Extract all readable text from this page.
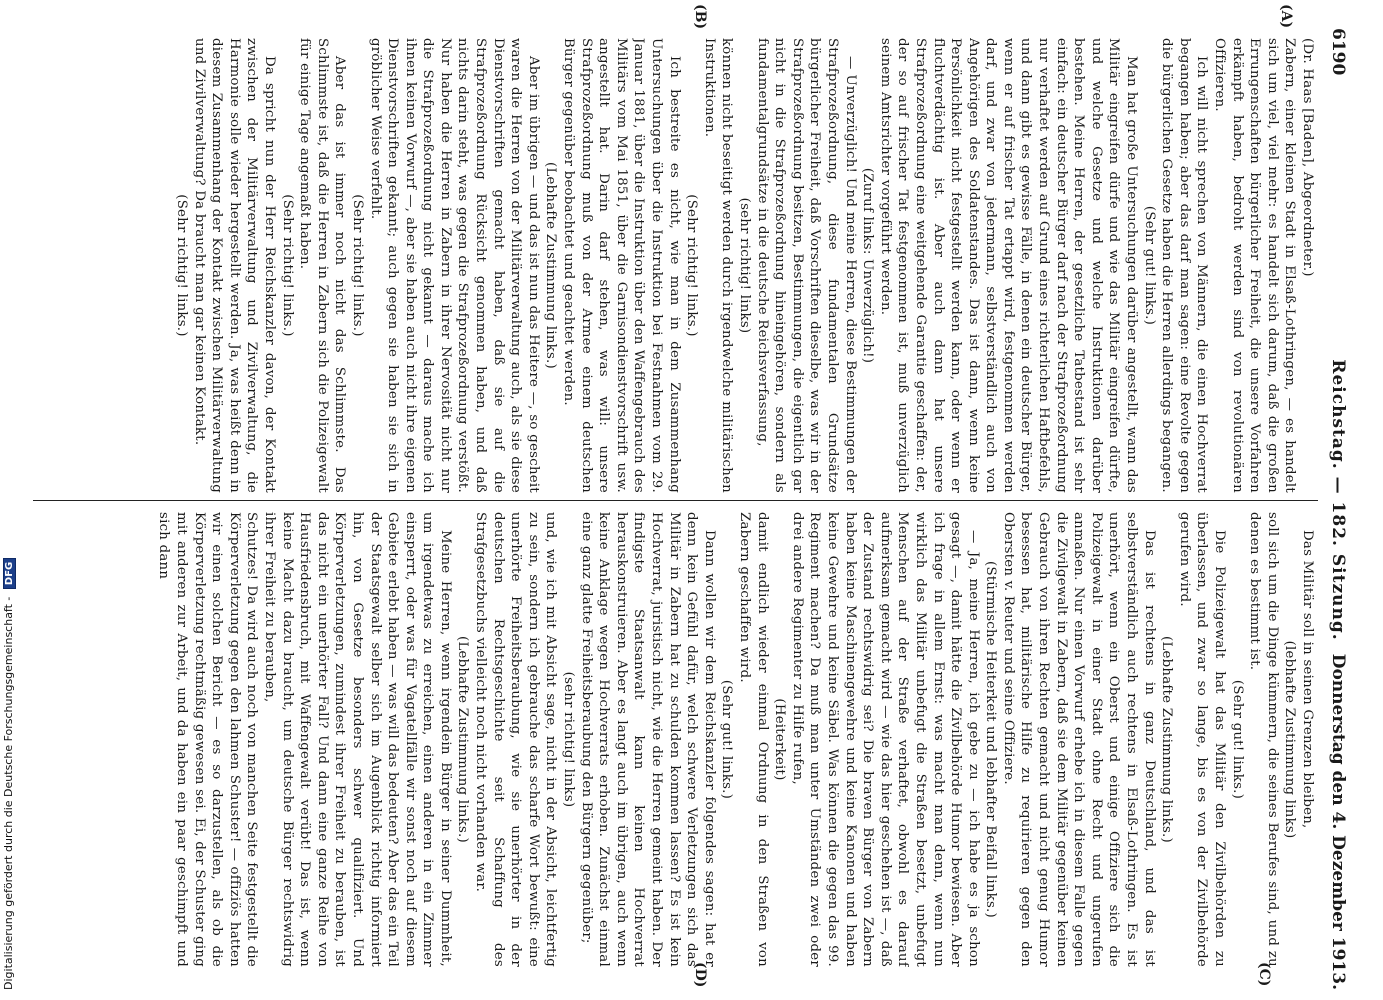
Digitalisierung gefördert durch die Deutsche Forschungsgemeinschaft - DFG
6190
Reichstag. — 182. Sitzung.
Donnerstag den 4. Dezember 1913.
(A)
(B)
(C)
(D)

(Dr. Haas [Baden], Abgeordneter.)

Zabern, einer kleinen Stadt in Elsaß-Lothringen, — es handelt sich um viel, viel mehr: es handelt sich darum, daß die großen Errungenschaften bürgerlicher Freiheit, die unsere Vorfahren erkämpft haben, bedroht werden sind von revolutionären Offizieren.

Ich will nicht sprechen von Männern, die einen Hochverrat begangen haben; aber das darf man sagen: eine Revolte gegen die bürgerlichen Gesetze haben die Herren allerdings begangen.

(Sehr gut! links.)

Man hat große Untersuchungen darüber angestellt, wann das Militär eingreifen dürfe und wie das Militär eingreifen dürfte, und welche Gesetze und welche Instruktionen darüber bestehen. Meine Herren, der gesetzliche Tatbestand ist sehr einfach: ein deutscher Bürger darf nach der Strafprozeßordnung nur verhaftet werden auf Grund eines richterlichen Haftbefehls, und dann gibt es gewisse Fälle, in denen ein deutscher Bürger, wenn er auf frischer Tat ertappt wird, festgenommen werden darf, und zwar von jedermann, selbstverständlich auch von Angehörigen des Soldatenstandes. Das ist dann, wenn keine Persönlichkeit nicht festgestellt werden kann, oder wenn er fluchtverdächtig ist. Aber auch dann hat unsere Strafprozeßordnung eine weitgehende Garantie geschaffen: der, der so auf frischer Tat festgenommen ist, muß unverzüglich seinem Amtsrichter vorgeführt werden.

(Zuruf links: Unverzüglich!)

— Unverzüglich! Und meine Herren, diese Bestimmungen der Strafprozeßordnung, diese fundamentalen Grundsätze bürgerlicher Freiheit, daß Vorschriften dieselbe, was wir in der Strafprozeßordnung besitzen, Bestimmungen, die eigentlich gar nicht in die Strafprozeßordnung hineingehören, sondern als fundamentalgrundsätze in die deutsche Reichsverfassung,

(sehr richtig! links)

können nicht beseitigt werden durch irgendwelche militärischen Instruktionen.

(Sehr richtig! links.)

Ich bestreite es nicht, wie man in dem Zusammenhang Untersuchungen über die Instruktion bei Festnahmen vom 29. Januar 1881, über die Instruktion über den Waffengebrauch des Militärs vom Mai 1851, über die Garnisondienstvorschrift usw. angestellt hat. Darin darf stehen, was will: unsere Strafprozeßordnung muß von der Armee einem deutschen Bürger gegenüber beobachtet und geachtet werden.

(Lebhafte Zustimmung links.)

Aber im übrigen — und das ist nun das Heitere —, so gescheit waren die Herren von der Militärverwaltung auch, als sie diese Dienstvorschriften gemacht haben, daß sie auf die Strafprozeßordnung Rücksicht genommen haben, und daß nichts darin steht, was gegen die Strafprozeßordnung verstößt. Nur haben die Herren in Zabern in ihrer Nervosität nicht nur die Strafprozeßordnung nicht gekannt — daraus mache ich ihnen keinen Vorwurf —, aber sie haben auch nicht ihre eigenen Dienstvorschriften gekannt; auch gegen sie haben sie sich in gröblicher Weise verfehlt.

(Sehr richtig! links.)

Aber das ist immer noch nicht das Schlimmste. Das Schlimmste ist, daß die Herren in Zabern sich die Polizeigewalt für einige Tage angemaßt haben.

(Sehr richtig! links.)

Da spricht nun der Herr Reichskanzler davon, der Kontakt zwischen der Militärverwaltung und Zivilverwaltung, die Harmonie solle wieder hergestellt werden. Ja, was heißt denn in diesem Zusammenhang der Kontakt zwischen Militärverwaltung und Zivilverwaltung? Da braucht man gar keinen Kontakt.

(Sehr richtig! links.)

Das Militär soll in seinen Grenzen bleiben,

(lebhafte Zustimmung links)

soll sich um die Dinge kümmern, die seines Berufes sind, und zu denen es bestimmt ist.

(Sehr gut! links.)

Die Polizeigewalt hat das Militär den Zivilbehörden zu überlassen, und zwar so lange, bis es von der Zivilbehörde gerufen wird.

(Lebhafte Zustimmung links.)

Das ist rechtens in ganz Deutschland, und das ist selbstverständlich auch rechtens in Elsaß-Lothringen. Es ist unerhört, wenn ein Oberst und einige Offiziere sich die Polizeigewalt in einer Stadt ohne Recht und ungerufen anmaßen. Nur einen Vorwurf erhebe ich in diesem Falle gegen die Zivilgewalt in Zabern, daß sie dem Militär gegenüber keinen Gebrauch von ihren Rechten gemacht und nicht genug Humor besessen hat, militärische Hilfe zu requirieren gegen den Obersten v. Reuter und seine Offiziere.

(Stürmische Heiterkeit und lebhafter Beifall links.)

— Ja, meine Herren, ich gebe zu — ich habe es ja schon gesagt —, damit hätte die Zivilbehörde Humor bewiesen. Aber ich frage in allem Ernst: was macht man denn, wenn nun wirklich das Militär unbefugt die Straßen besetzt, unbefugt Menschen auf der Straße verhaftet, obwohl es darauf aufmerksam gemacht wird — wie das hier geschehen ist —, daß der Zustand rechtswidrig sei? Die braven Bürger von Zabern haben keine Maschinengewehre und keine Kanonen und haben keine Gewehre und keine Säbel. Was können die gegen das 99. Regiment machen? Da muß man unter Umständen zwei oder drei andere Regimenter zu Hilfe rufen,

(Heiterkeit)

damit endlich wieder einmal Ordnung in den Straßen von Zabern geschaffen wird.

(Sehr gut! links.)

Dann wollen wir dem Reichskanzler folgendes sagen: hat er denn kein Gefühl dafür, welch schwere Verletzungen sich das Militär in Zabern hat zu schulden kommen lassen? Es ist kein Hochverrat, juristisch nicht, wie die Herren gemeint haben. Der findigste Staatsanwalt kann keinen Hochverrat herauskonstruieren. Aber es langt auch im übrigen, auch wenn keine Anklage wegen Hochverrats erhoben. Zunächst einmal eine ganz glatte Freiheitsberaubung den Bürgern gegenüber;

(sehr richtig! links)

und, wie ich mit Absicht sage, nicht in der Absicht, leichtfertig zu sein, sondern ich gebrauche das scharfe Wort bewußt: eine unerhörte Freiheitsberaubung, wie sie unerhörter in der deutschen Rechtsgeschichte seit Schaffung des Strafgesetzbuchs vielleicht noch nicht vorhanden war.

(Lebhafte Zustimmung links.)

Meine Herren, wenn irgendein Bürger in seiner Dummheit, um irgendetwas zu erreichen, einen anderen in ein Zimmer einsperrt, oder was für Vagatellfälle wir sonst noch auf diesem Gebiete erlebt haben — was will das bedeuten? Aber das ein Teil der Staatsgewalt selber sich im Augenblick richtig informiert hin, von Gesetze besonders schwer qualifiziert. Und Körperverletzungen, zumindest ihrer Freiheit zu berauben, ist das nicht ein unerhörter Fall? Und dann eine ganze Reihe von Hausfriedensbruch, mit Waffengewalt verübt! Das ist, wenn keine Macht dazu braucht, um deutsche Bürger rechtswidrig ihrer Freiheit zu berauben,

Schutzes! Da wird auch noch von manchen Seite festgestellt die Körperverletzung gegen den lahmen Schuster! — offiziös hatten wir einen solchen Bericht — es so darzustellen, als ob die Körperverletzung rechtmäßig gewesen sei. Ei, der Schuster ging mit anderen zur Arbeit, und da haben ein paar geschimpft und sich dann
